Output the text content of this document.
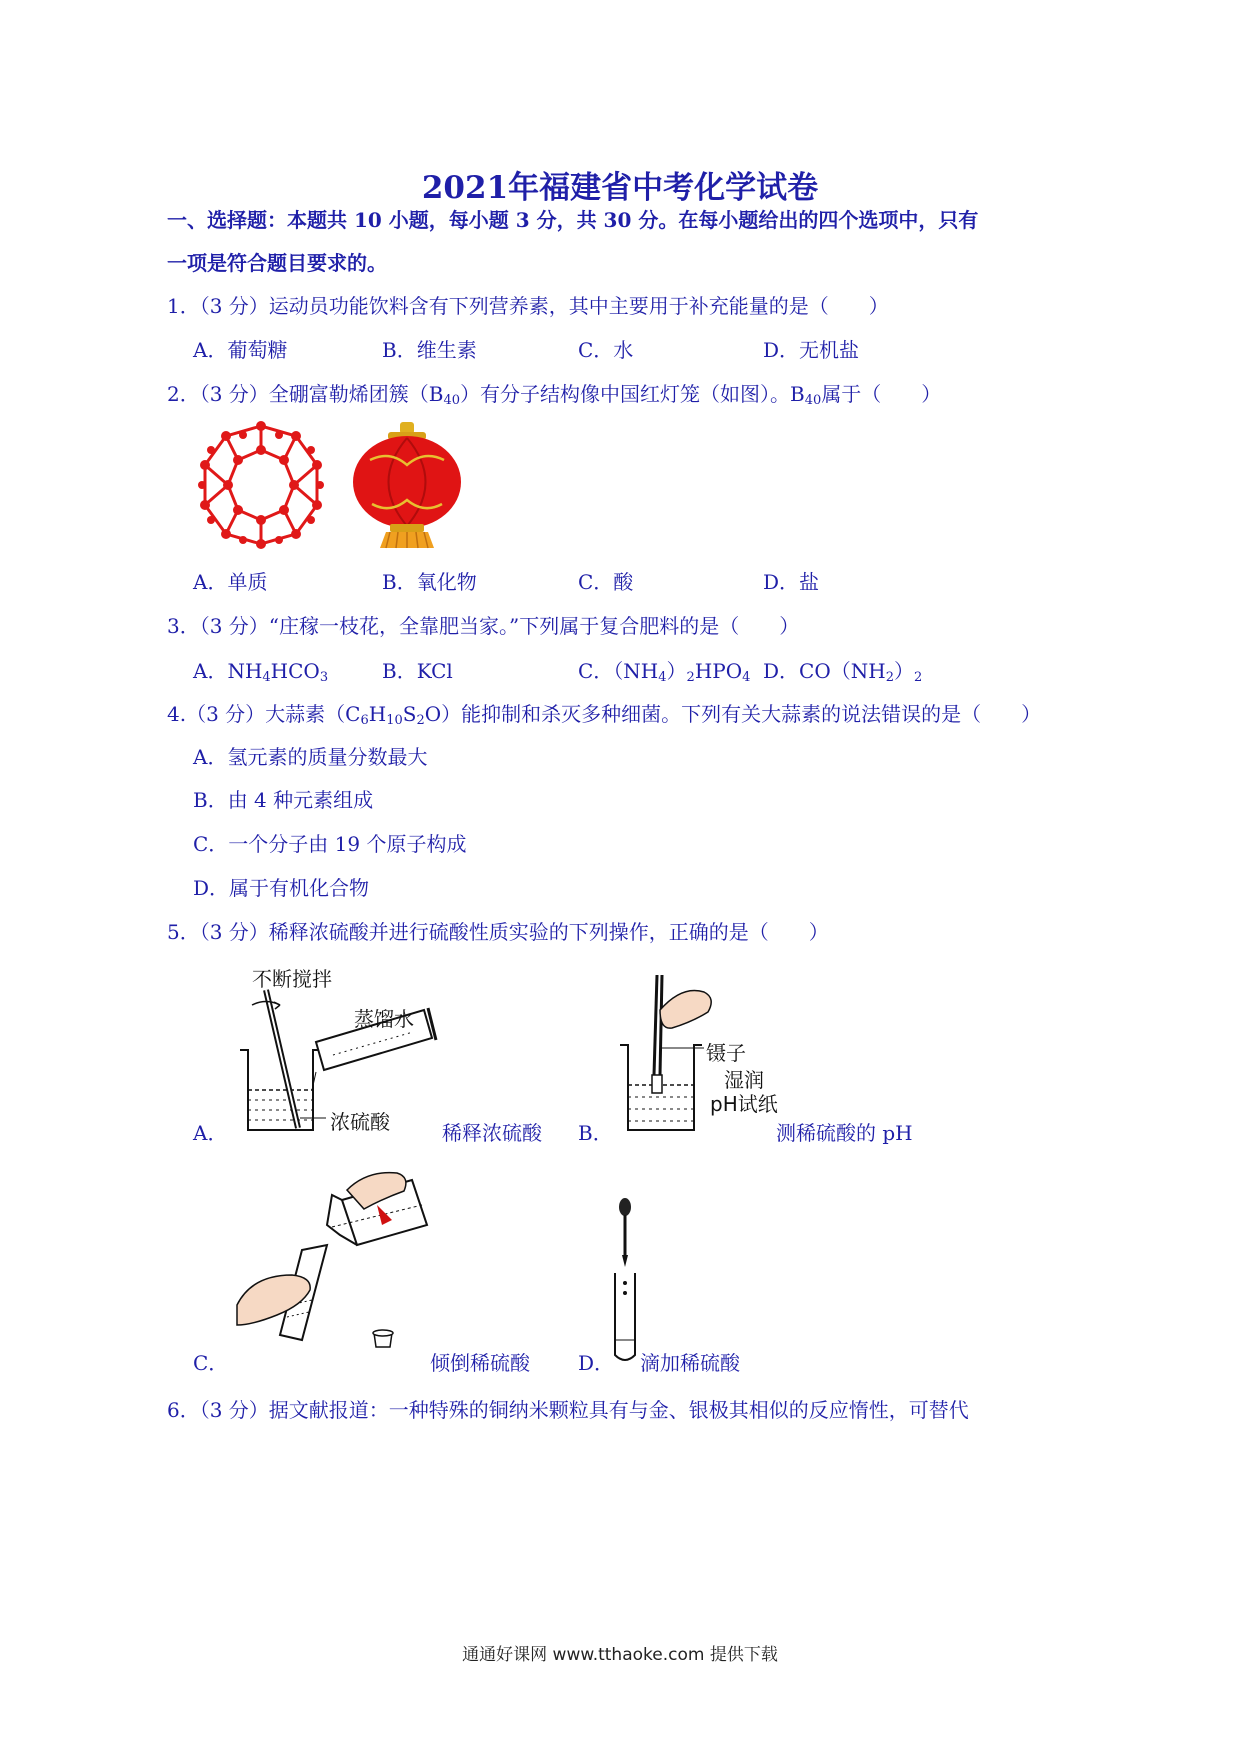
2021年福建省中考化学试卷
一、选择题：本题共 10 小题，每小题 3 分，共 30 分。在每小题给出的四个选项中，只有
一项是符合题目要求的。
1．（3 分）运动员功能饮料含有下列营养素，其中主要用于补充能量的是（　　）
A．葡萄糖	B．维生素	C．水	D．无机盐
2．（3 分）全硼富勒烯团簇$(B_{40})$有分子结构像中国红灯笼（如图）。$B_{40}$属于（　　）
A．单质	B．氧化物	C．酸	D．盐
3．（3 分）“庄稼一枝花，全靠肥当家。”下列属于复合肥料的是（　　）
A．$NH_4HCO_3$	B．KCl	C．$(NH_4)_2HPO_4$ D．$CO(NH_2)_2$
4.（3 分）大蒜素$(C_6H_{10}S_2O)$能抑制和杀灭多种细菌。下列有关大蒜素的说法错误的是（　　）
A．氢元素的质量分数最大
B．由 4 种元素组成
C．一个分子由 19 个原子构成
D．属于有机化合物
5．（3 分）稀释浓硫酸并进行硫酸性质实验的下列操作，正确的是（　　）
不断搅拌
蒸馏水
浓硫酸
A．	稀释浓硫酸
镊子
湿润
pH试纸
B．	测稀硫酸的 pH
C．	倾倒稀硫酸 D． 滴加稀硫酸
6．（3 分）据文献报道：一种特殊的铜纳米颗粒具有与金、银极其相似的反应惰性，可替代
通通好课网 www.tthaoke.com 提供下载
